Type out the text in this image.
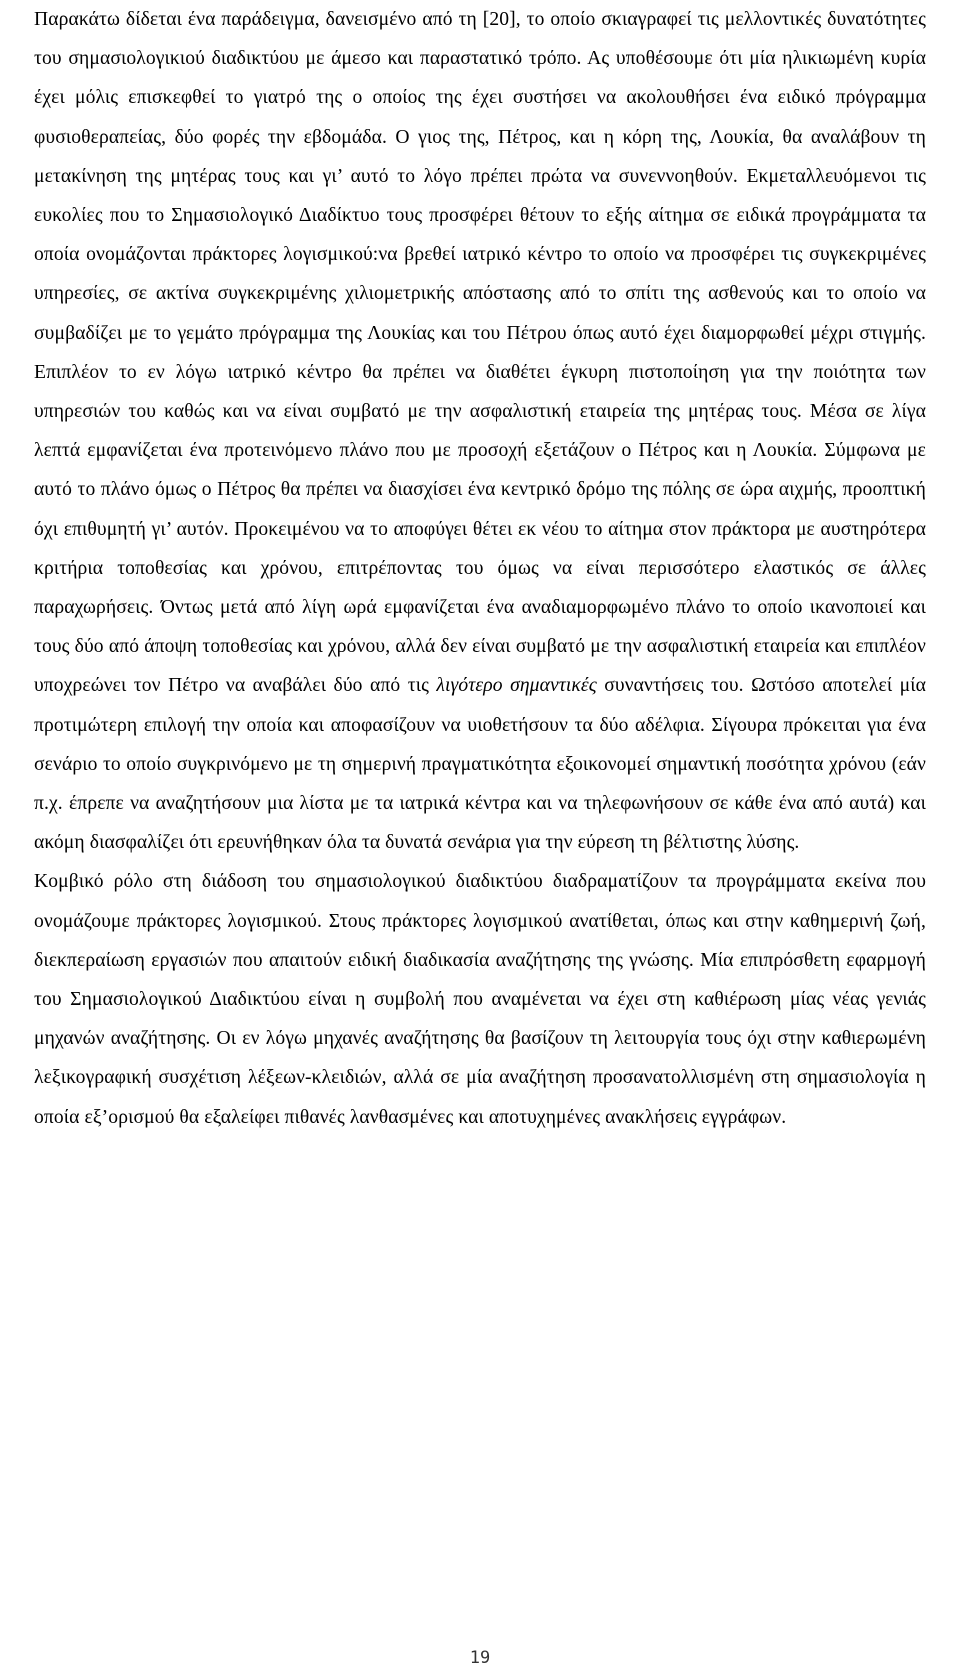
Παρακάτω δίδεται ένα παράδειγμα, δανεισμένο από τη [20], το οποίο σκιαγραφεί τις μελλοντικές δυνατότητες του σημασιολογικιού διαδικτύου με άμεσο και παραστατικό τρόπο. Ας υποθέσουμε ότι μία ηλικιωμένη κυρία έχει μόλις επισκεφθεί το γιατρό της ο οποίος της έχει συστήσει να ακολουθήσει ένα ειδικό πρόγραμμα φυσιοθεραπείας, δύο φορές την εβδομάδα. Ο γιος της, Πέτρος, και η κόρη της, Λουκία, θα αναλάβουν τη μετακίνηση της μητέρας τους και γι’ αυτό το λόγο πρέπει πρώτα να συνεννοηθούν. Εκμεταλλευόμενοι τις ευκολίες που το Σημασιολογικό Διαδίκτυο τους προσφέρει θέτουν το εξής αίτημα σε ειδικά προγράμματα τα οποία ονομάζονται πράκτορες λογισμικού:να βρεθεί ιατρικό κέντρο το οποίο να προσφέρει τις συγκεκριμένες υπηρεσίες, σε ακτίνα συγκεκριμένης χιλιομετρικής απόστασης από το σπίτι της ασθενούς και το οποίο να συμβαδίζει με το γεμάτο πρόγραμμα της Λουκίας και του Πέτρου όπως αυτό έχει διαμορφωθεί μέχρι στιγμής. Επιπλέον το εν λόγω ιατρικό κέντρο θα πρέπει να διαθέτει έγκυρη πιστοποίηση για την ποιότητα των υπηρεσιών του καθώς και να είναι συμβατό με την ασφαλιστική εταιρεία της μητέρας τους. Μέσα σε λίγα λεπτά εμφανίζεται ένα προτεινόμενο πλάνο που με προσοχή εξετάζουν ο Πέτρος και η Λουκία. Σύμφωνα με αυτό το πλάνο όμως ο Πέτρος θα πρέπει να διασχίσει ένα κεντρικό δρόμο της πόλης σε ώρα αιχμής, προοπτική όχι επιθυμητή γι’ αυτόν. Προκειμένου να το αποφύγει θέτει εκ νέου το αίτημα στον πράκτορα με αυστηρότερα κριτήρια τοποθεσίας και χρόνου, επιτρέποντας του όμως να είναι περισσότερο ελαστικός σε άλλες παραχωρήσεις. Όντως μετά από λίγη ωρά εμφανίζεται ένα αναδιαμορφωμένο πλάνο το οποίο ικανοποιεί και τους δύο από άποψη τοποθεσίας και χρόνου, αλλά δεν είναι συμβατό με την ασφαλιστική εταιρεία και επιπλέον υποχρεώνει τον Πέτρο να αναβάλει δύο από τις λιγότερο σημαντικές συναντήσεις του. Ωστόσο αποτελεί μία προτιμώτερη επιλογή την οποία και αποφασίζουν να υιοθετήσουν τα δύο αδέλφια. Σίγουρα πρόκειται για ένα σενάριο το οποίο συγκρινόμενο με τη σημερινή πραγματικότητα εξοικονομεί σημαντική ποσότητα χρόνου (εάν π.χ. έπρεπε να αναζητήσουν μια λίστα με τα ιατρικά κέντρα και να τηλεφωνήσουν σε κάθε ένα από αυτά) και ακόμη διασφαλίζει ότι ερευνήθηκαν όλα τα δυνατά σενάρια για την εύρεση τη βέλτιστης λύσης.

Κομβικό ρόλο στη διάδοση του σημασιολογικού διαδικτύου διαδραματίζουν τα προγράμματα εκείνα που ονομάζουμε πράκτορες λογισμικού. Στους πράκτορες λογισμικού ανατίθεται, όπως και στην καθημερινή ζωή, διεκπεραίωση εργασιών που απαιτούν ειδική διαδικασία αναζήτησης της γνώσης. Μία επιπρόσθετη εφαρμογή του Σημασιολογικού Διαδικτύου είναι η συμβολή που αναμένεται να έχει στη καθιέρωση μίας νέας γενιάς μηχανών αναζήτησης. Οι εν λόγω μηχανές αναζήτησης θα βασίζουν τη λειτουργία τους όχι στην καθιερωμένη λεξικογραφική συσχέτιση λέξεων-κλειδιών, αλλά σε μία αναζήτηση προσανατολλισμένη στη σημασιολογία η οποία εξ’ορισμού θα εξαλείφει πιθανές λανθασμένες και αποτυχημένες ανακλήσεις εγγράφων.

19
